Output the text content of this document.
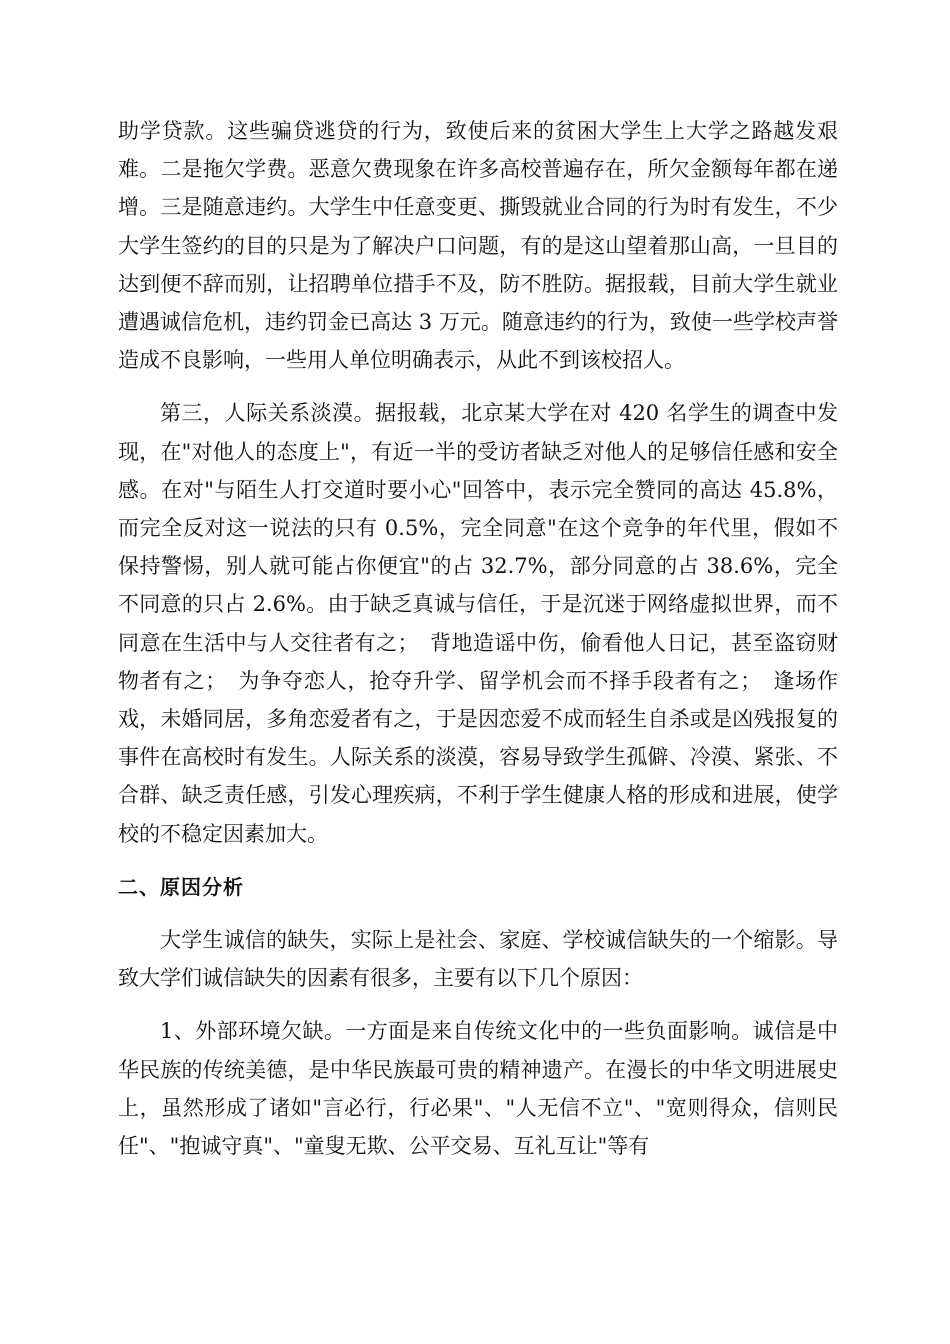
助学贷款。这些骗贷逃贷的行为，致使后来的贫困大学生上大学之路越发艰难。二是拖欠学费。恶意欠费现象在许多高校普遍存在，所欠金额每年都在递增。三是随意违约。大学生中任意变更、撕毁就业合同的行为时有发生，不少大学生签约的目的只是为了解决户口问题，有的是这山望着那山高，一旦目的达到便不辞而别，让招聘单位措手不及，防不胜防。据报载，目前大学生就业遭遇诚信危机，违约罚金已高达 3 万元。随意违约的行为，致使一些学校声誉造成不良影响，一些用人单位明确表示，从此不到该校招人。

第三，人际关系淡漠。据报载，北京某大学在对 420 名学生的调查中发现，在"对他人的态度上"，有近一半的受访者缺乏对他人的足够信任感和安全感。在对"与陌生人打交道时要小心"回答中，表示完全赞同的高达 45.8%，而完全反对这一说法的只有 0.5%，完全同意"在这个竞争的年代里，假如不保持警惕，别人就可能占你便宜"的占 32.7%，部分同意的占 38.6%，完全不同意的只占 2.6%。由于缺乏真诚与信任，于是沉迷于网络虚拟世界，而不同意在生活中与人交往者有之；　背地造谣中伤，偷看他人日记，甚至盗窃财物者有之；　为争夺恋人，抢夺升学、留学机会而不择手段者有之；　逢场作戏，未婚同居，多角恋爱者有之，于是因恋爱不成而轻生自杀或是凶残报复的事件在高校时有发生。人际关系的淡漠，容易导致学生孤僻、冷漠、紧张、不合群、缺乏责任感，引发心理疾病，不利于学生健康人格的形成和进展，使学校的不稳定因素加大。

二、原因分析

大学生诚信的缺失，实际上是社会、家庭、学校诚信缺失的一个缩影。导致大学们诚信缺失的因素有很多，主要有以下几个原因：

1、外部环境欠缺。一方面是来自传统文化中的一些负面影响。诚信是中华民族的传统美德，是中华民族最可贵的精神遗产。在漫长的中华文明进展史上，虽然形成了诸如"言必行，行必果"、"人无信不立"、"宽则得众，信则民任"、"抱诚守真"、"童叟无欺、公平交易、互礼互让"等有
